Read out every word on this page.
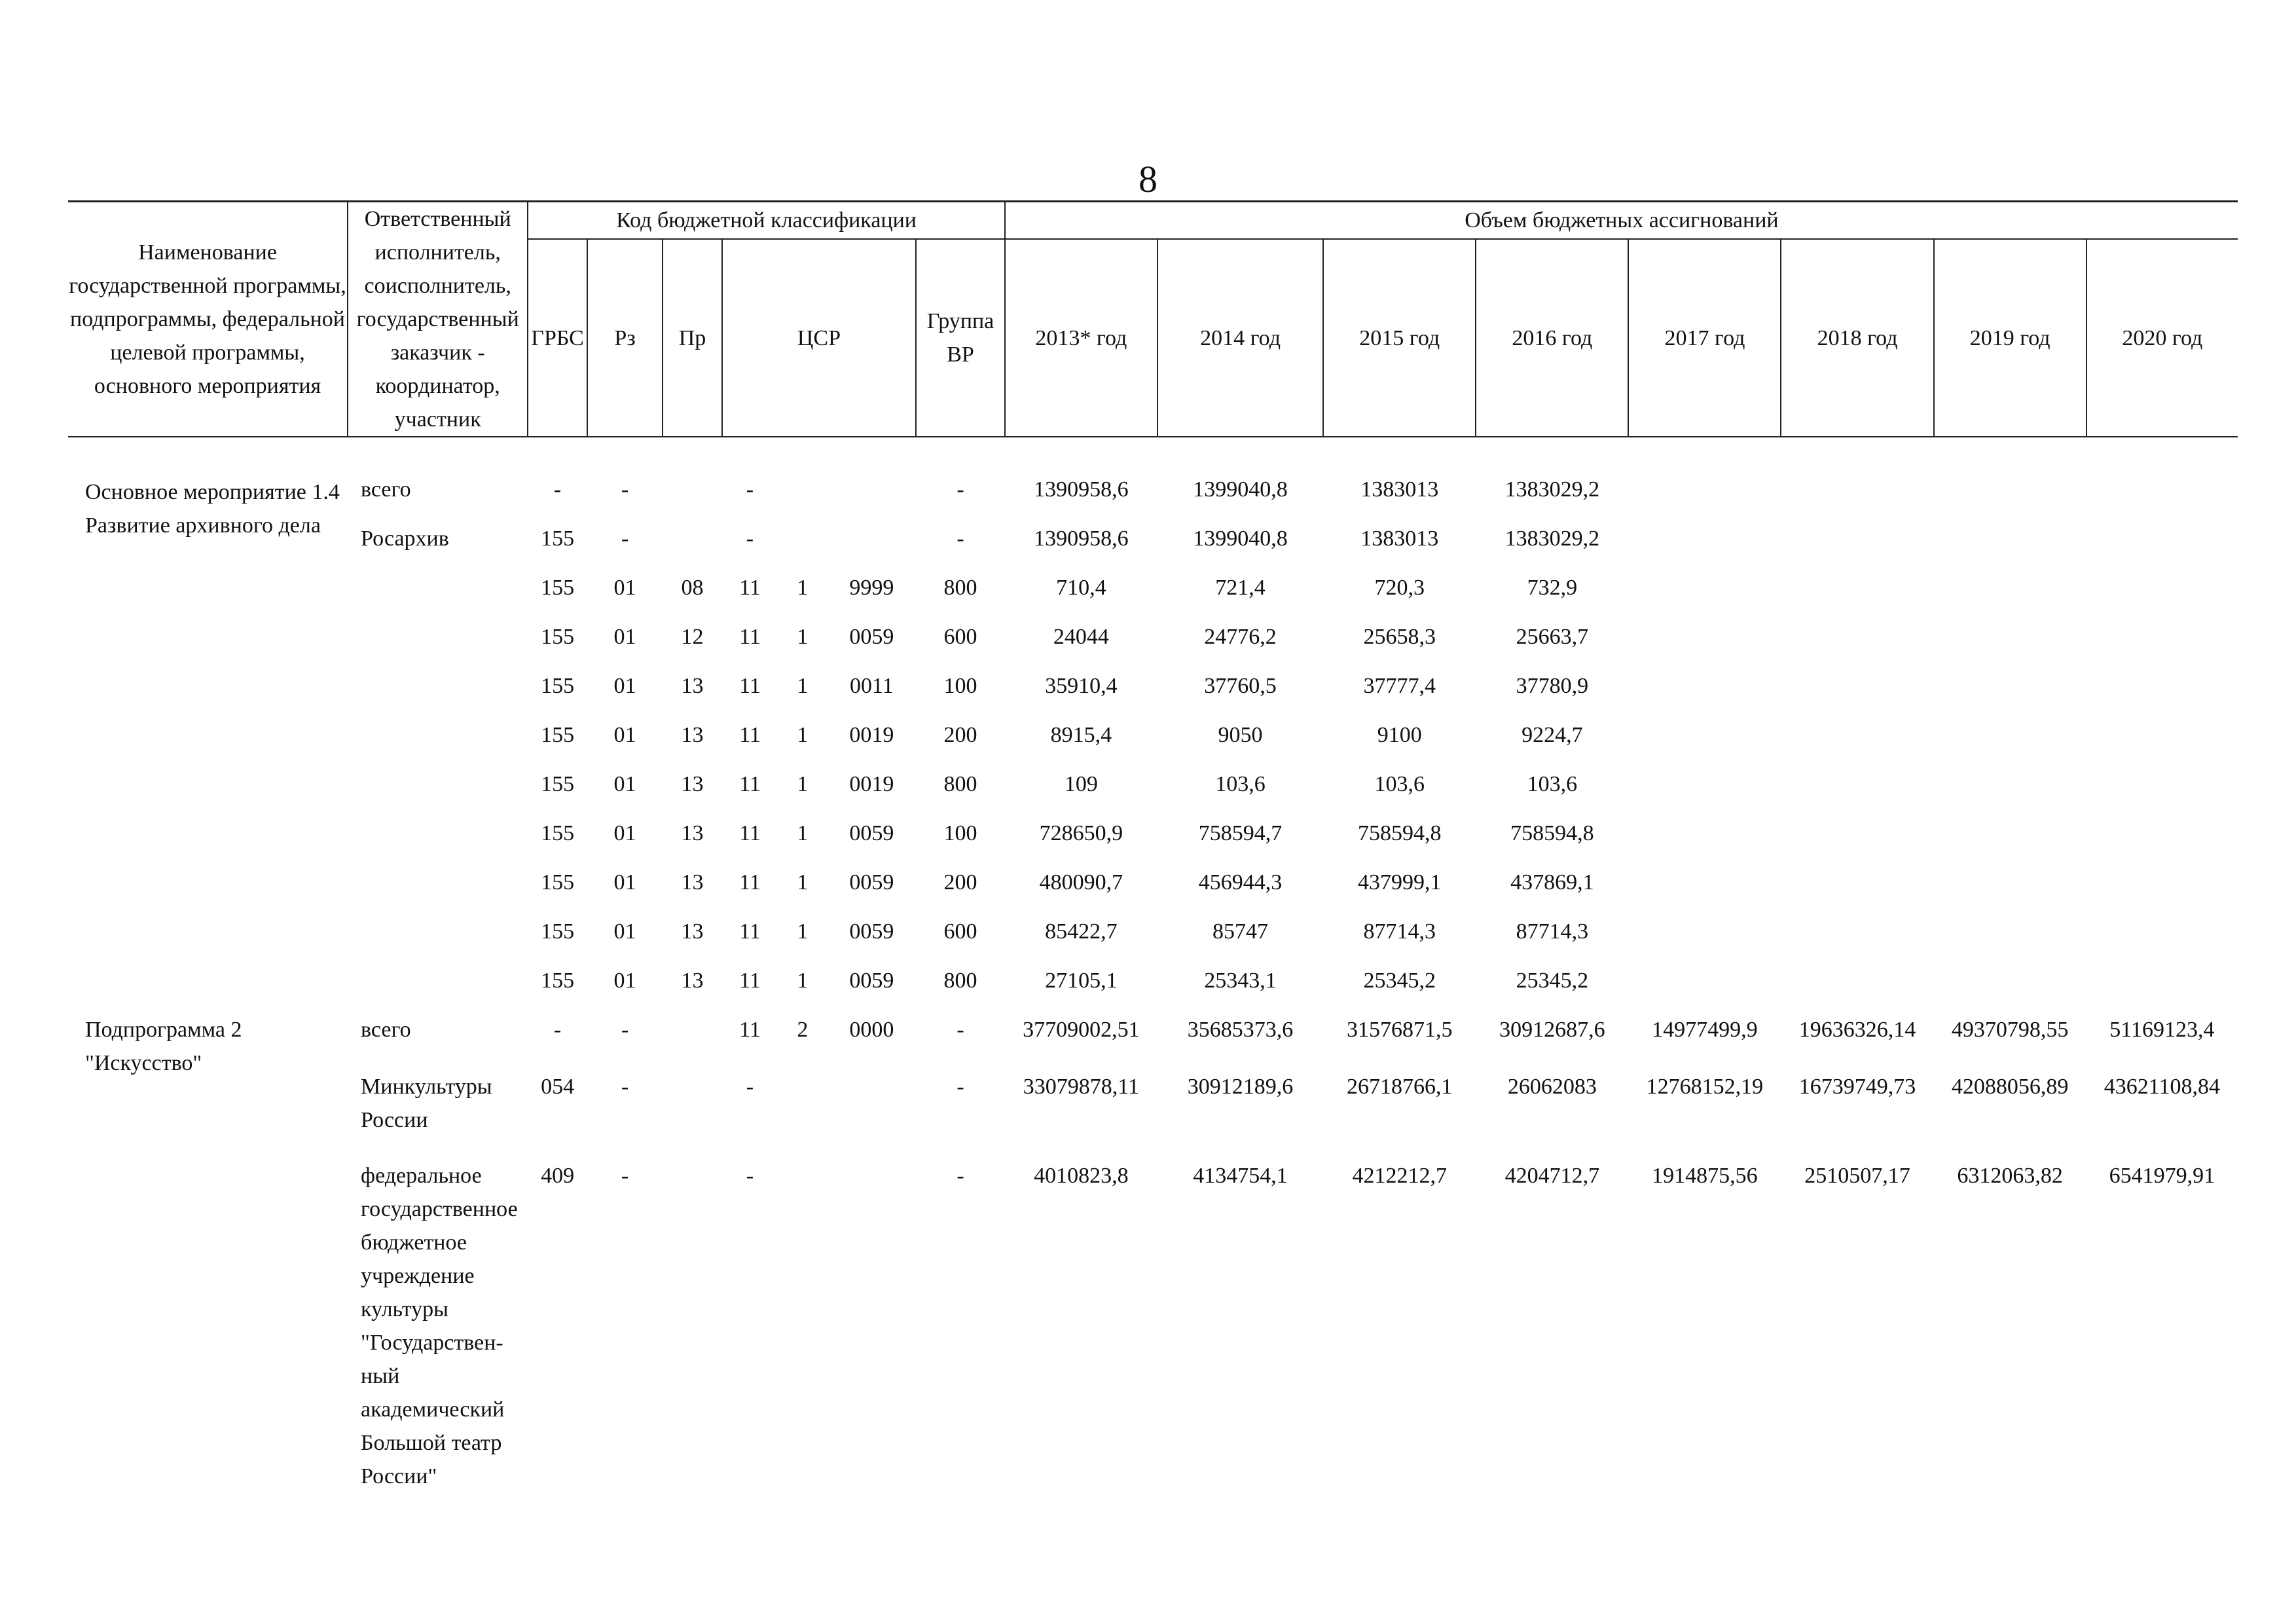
8
Наименование государственной программы, подпрограммы, федеральной целевой программы, основного мероприятия	Ответственный исполнитель, соисполнитель, государственный заказчик - координатор, участник	Код бюджетной классификации							Объем бюджетных ассигнований							
		ГРБС	Рз	Пр	ЦСР			Группа ВР	2013* год	2014 год	2015 год	2016 год	2017 год	2018 год	2019 год	2020 год

Основное мероприятие 1.4 Развитие архивного дела	всего	-	-		-			-	1390958,6	1399040,8	1383013	1383029,2				
	Росархив	155	-		-			-	1390958,6	1399040,8	1383013	1383029,2				
		155	01	08	11	1	9999	800	710,4	721,4	720,3	732,9				
		155	01	12	11	1	0059	600	24044	24776,2	25658,3	25663,7				
		155	01	13	11	1	0011	100	35910,4	37760,5	37777,4	37780,9				
		155	01	13	11	1	0019	200	8915,4	9050	9100	9224,7				
		155	01	13	11	1	0019	800	109	103,6	103,6	103,6				
		155	01	13	11	1	0059	100	728650,9	758594,7	758594,8	758594,8				
		155	01	13	11	1	0059	200	480090,7	456944,3	437999,1	437869,1				
		155	01	13	11	1	0059	600	85422,7	85747	87714,3	87714,3				
		155	01	13	11	1	0059	800	27105,1	25343,1	25345,2	25345,2				
Подпрограмма 2 "Искусство"	всего	-	-		11	2	0000	-	37709002,51	35685373,6	31576871,5	30912687,6	14977499,9	19636326,14	49370798,55	51169123,4
	Минкультуры России	054	-		-			-	33079878,11	30912189,6	26718766,1	26062083	12768152,19	16739749,73	42088056,89	43621108,84
	федеральное государственное бюджетное учреждение культуры "Государственный академический Большой театр России"	409	-		-			-	4010823,8	4134754,1	4212212,7	4204712,7	1914875,56	2510507,17	6312063,82	6541979,91
